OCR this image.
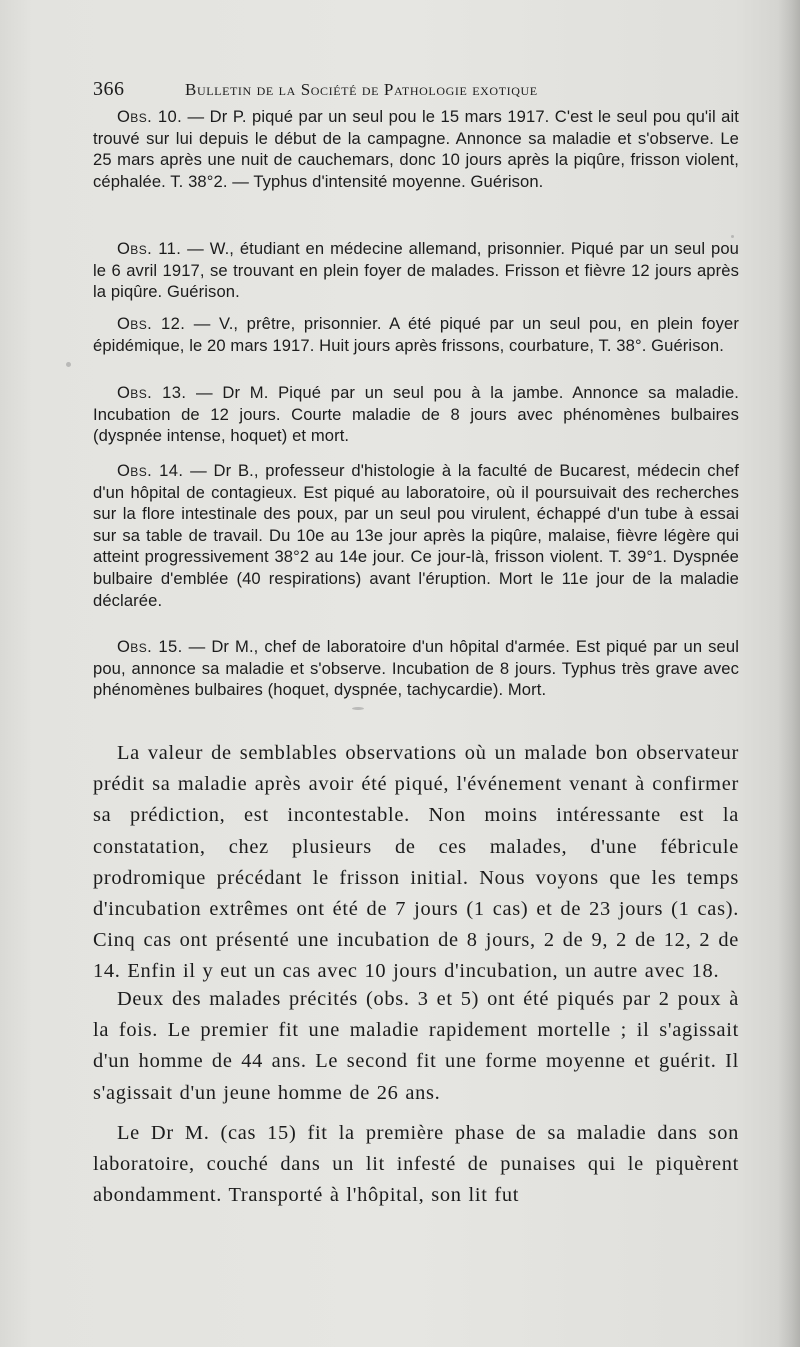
366	Bulletin de la Société de Pathologie exotique

Obs. 10. — Dr P. piqué par un seul pou le 15 mars 1917. C'est le seul pou qu'il ait trouvé sur lui depuis le début de la campagne. Annonce sa maladie et s'observe. Le 25 mars après une nuit de cauchemars, donc 10 jours après la piqûre, frisson violent, céphalée. T. 38°2. — Typhus d'intensité moyenne. Guérison.

Obs. 11. — W., étudiant en médecine allemand, prisonnier. Piqué par un seul pou le 6 avril 1917, se trouvant en plein foyer de malades. Frisson et fièvre 12 jours après la piqûre. Guérison.

Obs. 12. — V., prêtre, prisonnier. A été piqué par un seul pou, en plein foyer épidémique, le 20 mars 1917. Huit jours après frissons, courbature, T. 38°. Guérison.

Obs. 13. — Dr M. Piqué par un seul pou à la jambe. Annonce sa maladie. Incubation de 12 jours. Courte maladie de 8 jours avec phénomènes bulbaires (dyspnée intense, hoquet) et mort.

Obs. 14. — Dr B., professeur d'histologie à la faculté de Bucarest, médecin chef d'un hôpital de contagieux. Est piqué au laboratoire, où il poursuivait des recherches sur la flore intestinale des poux, par un seul pou virulent, échappé d'un tube à essai sur sa table de travail. Du 10e au 13e jour après la piqûre, malaise, fièvre légère qui atteint progressivement 38°2 au 14e jour. Ce jour-là, frisson violent. T. 39°1. Dyspnée bulbaire d'emblée (40 respirations) avant l'éruption. Mort le 11e jour de la maladie déclarée.

Obs. 15. — Dr M., chef de laboratoire d'un hôpital d'armée. Est piqué par un seul pou, annonce sa maladie et s'observe. Incubation de 8 jours. Typhus très grave avec phénomènes bulbaires (hoquet, dyspnée, tachycardie). Mort.

La valeur de semblables observations où un malade bon observateur prédit sa maladie après avoir été piqué, l'événement venant à confirmer sa prédiction, est incontestable. Non moins intéressante est la constatation, chez plusieurs de ces malades, d'une fébricule prodromique précédant le frisson initial. Nous voyons que les temps d'incubation extrêmes ont été de 7 jours (1 cas) et de 23 jours (1 cas). Cinq cas ont présenté une incubation de 8 jours, 2 de 9, 2 de 12, 2 de 14. Enfin il y eut un cas avec 10 jours d'incubation, un autre avec 18.

Deux des malades précités (obs. 3 et 5) ont été piqués par 2 poux à la fois. Le premier fit une maladie rapidement mortelle ; il s'agissait d'un homme de 44 ans. Le second fit une forme moyenne et guérit. Il s'agissait d'un jeune homme de 26 ans.

Le Dr M. (cas 15) fit la première phase de sa maladie dans son laboratoire, couché dans un lit infesté de punaises qui le piquèrent abondamment. Transporté à l'hôpital, son lit fut
